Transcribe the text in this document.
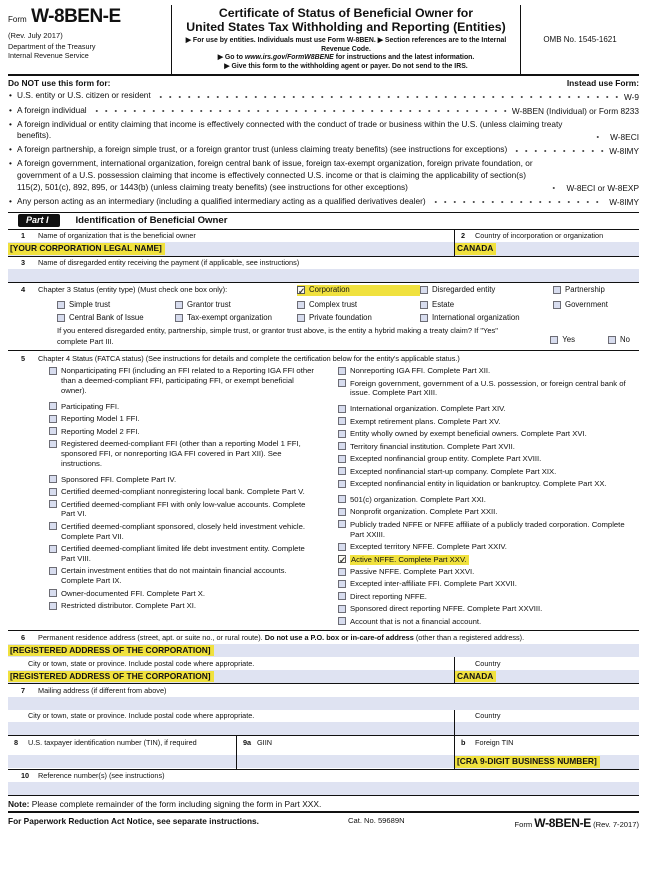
Form W-8BEN-E
(Rev. July 2017)
Department of the Treasury
Internal Revenue Service
Certificate of Status of Beneficial Owner for
United States Tax Withholding and Reporting (Entities)
▶ For use by entities. Individuals must use Form W-8BEN. ▶ Section references are to the Internal Revenue Code.
▶ Go to www.irs.gov/FormW8BENE for instructions and the latest information.
▶ Give this form to the withholding agent or payer. Do not send to the IRS.
OMB No. 1545-1621
Do NOT use this form for:	Instead use Form:
• U.S. entity or U.S. citizen or resident	W-9
• A foreign individual	W-8BEN (Individual) or Form 8233
• A foreign individual or entity claiming that income is effectively connected with the conduct of trade or business within the U.S. (unless claiming treaty benefits).	W-8ECI
• A foreign partnership, a foreign simple trust, or a foreign grantor trust (unless claiming treaty benefits) (see instructions for exceptions)	W-8IMY
• A foreign government, international organization, foreign central bank of issue, foreign tax-exempt organization, foreign private foundation, or government of a U.S. possession claiming that income is effectively connected U.S. income or that is claiming the applicability of section(s) 115(2), 501(c), 892, 895, or 1443(b) (unless claiming treaty benefits) (see instructions for other exceptions)	W-8ECI or W-8EXP
• Any person acting as an intermediary (including a qualified intermediary acting as a qualified derivatives dealer)	W-8IMY
Part I	Identification of Beneficial Owner
1	Name of organization that is the beneficial owner
[YOUR CORPORATION LEGAL NAME]
2	Country of incorporation or organization
CANADA
3	Name of disregarded entity receiving the payment (if applicable, see instructions)
4	Chapter 3 Status (entity type) (Must check one box only): ✓	Corporation	Disregarded entity	Partnership
Simple trust	Grantor trust	Complex trust	Estate	Government
Central Bank of Issue	Tax-exempt organization	Private foundation	International organization
If you entered disregarded entity, partnership, simple trust, or grantor trust above, is the entity a hybrid making a treaty claim? If "Yes" complete Part III.	Yes	No
5	Chapter 4 Status (FATCA status) (See instructions for details and complete the certification below for the entity's applicable status.)
Nonparticipating FFI (including an FFI related to a Reporting IGA FFI other than a deemed-compliant FFI, participating FFI, or exempt beneficial owner).
Participating FFI.
Reporting Model 1 FFI.
Reporting Model 2 FFI.
Registered deemed-compliant FFI (other than a reporting Model 1 FFI, sponsored FFI, or nonreporting IGA FFI covered in Part XII). See instructions.
Sponsored FFI. Complete Part IV.
Certified deemed-compliant nonregistering local bank. Complete Part V.
Certified deemed-compliant FFI with only low-value accounts. Complete Part VI.
Certified deemed-compliant sponsored, closely held investment vehicle. Complete Part VII.
Certified deemed-compliant limited life debt investment entity. Complete Part VIII.
Certain investment entities that do not maintain financial accounts. Complete Part IX.
Owner-documented FFI. Complete Part X.
Restricted distributor. Complete Part XI.
Nonreporting IGA FFI. Complete Part XII.
Foreign government, government of a U.S. possession, or foreign central bank of issue. Complete Part XIII.
International organization. Complete Part XIV.
Exempt retirement plans. Complete Part XV.
Entity wholly owned by exempt beneficial owners. Complete Part XVI.
Territory financial institution. Complete Part XVII.
Excepted nonfinancial group entity. Complete Part XVIII.
Excepted nonfinancial start-up company. Complete Part XIX.
Excepted nonfinancial entity in liquidation or bankruptcy. Complete Part XX.
501(c) organization. Complete Part XXI.
Nonprofit organization. Complete Part XXII.
Publicly traded NFFE or NFFE affiliate of a publicly traded corporation. Complete Part XXIII.
Excepted territory NFFE. Complete Part XXIV.
✓
Active NFFE. Complete Part XXV.
Passive NFFE. Complete Part XXVI.
Excepted inter-affiliate FFI. Complete Part XXVII.
Direct reporting NFFE.
Sponsored direct reporting NFFE. Complete Part XXVIII.
Account that is not a financial account.
6	Permanent residence address (street, apt. or suite no., or rural route). Do not use a P.O. box or in-care-of address (other than a registered address).
[REGISTERED ADDRESS OF THE CORPORATION]
City or town, state or province. Include postal code where appropriate.
[REGISTERED ADDRESS OF THE CORPORATION]
Country
CANADA
7	Mailing address (if different from above)
City or town, state or province. Include postal code where appropriate.	Country
8	U.S. taxpayer identification number (TIN), if required	9a GIIN	b	Foreign TIN
[CRA 9-DIGIT BUSINESS NUMBER]
10	Reference number(s) (see instructions)
Note: Please complete remainder of the form including signing the form in Part XXX.
For Paperwork Reduction Act Notice, see separate instructions.	Cat. No. 59689N	Form W-8BEN-E (Rev. 7-2017)
